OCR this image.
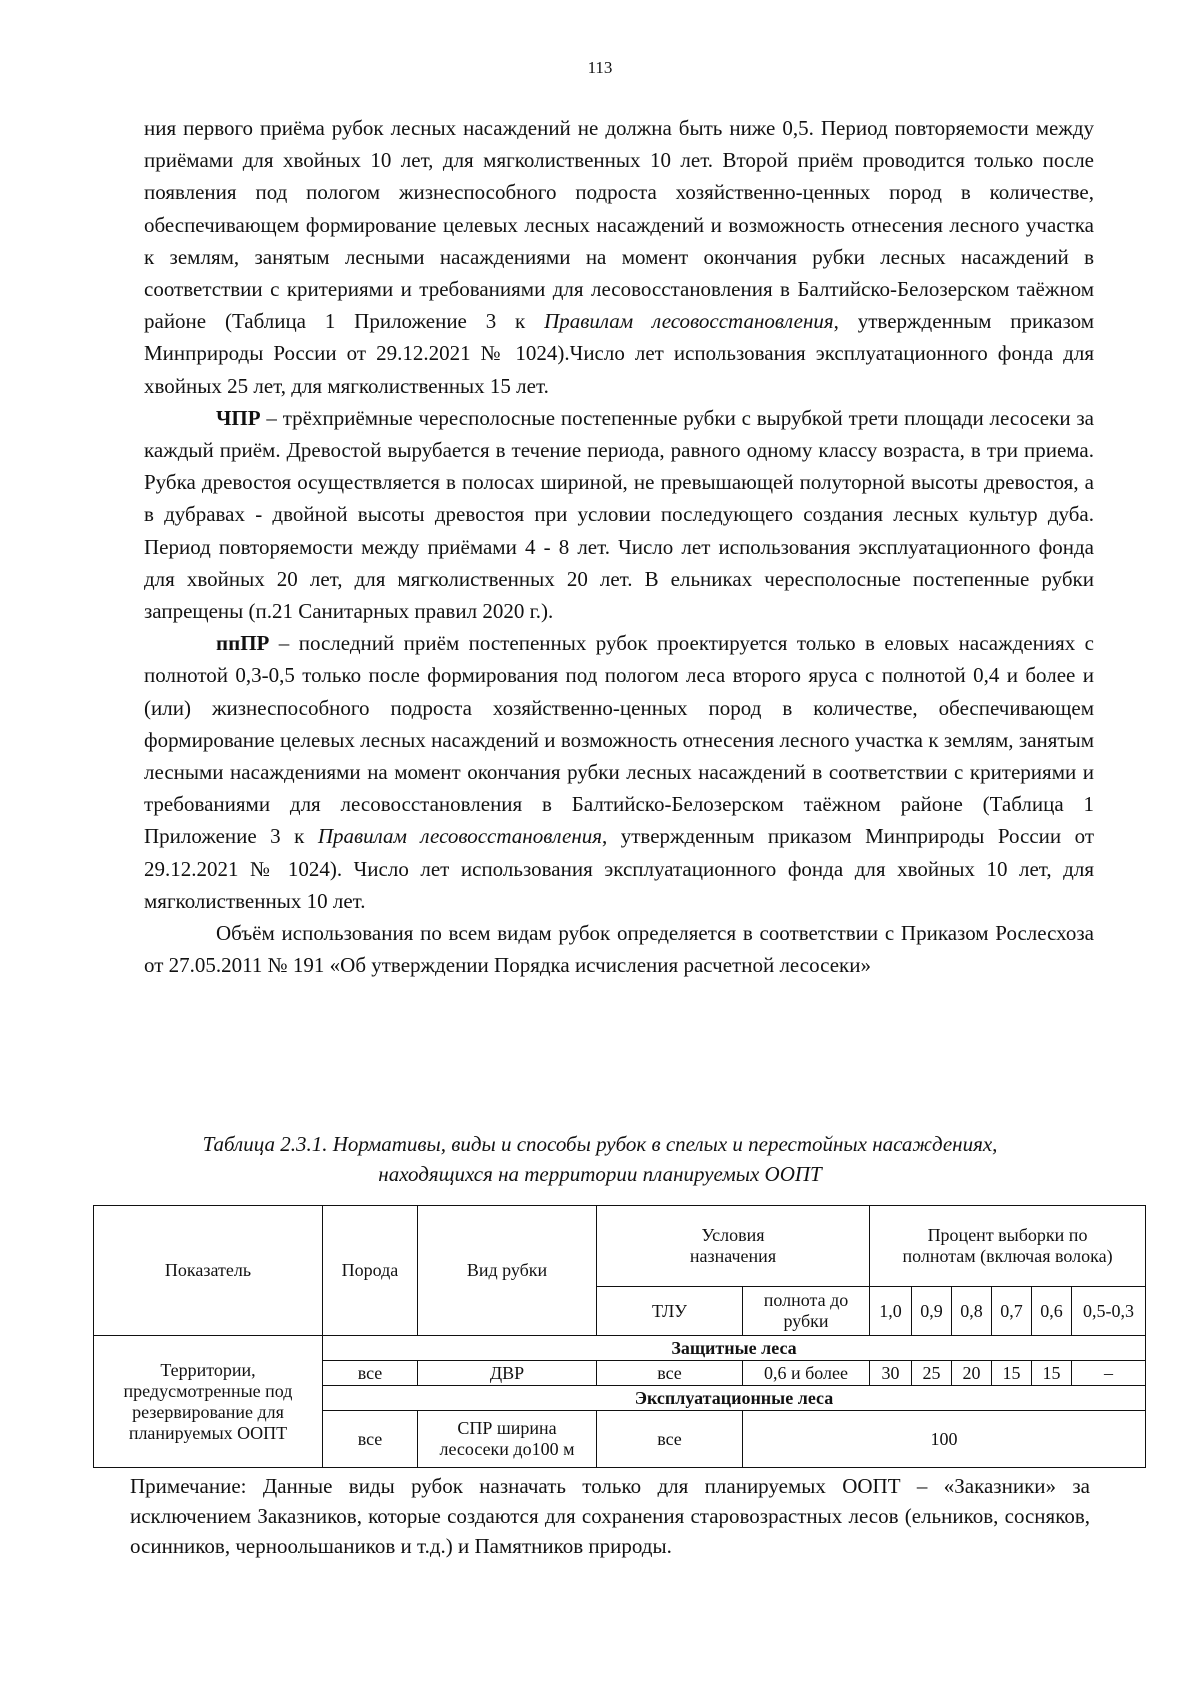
113

ния первого приёма рубок лесных насаждений не должна быть ниже 0,5. Период повторяемости между приёмами для хвойных 10 лет, для мягколиственных 10 лет. Второй приём проводится только после появления под пологом жизнеспособного подроста хозяйственно-ценных пород в количестве, обеспечивающем формирование целевых лесных насаждений и возможность отнесения лесного участка к землям, занятым лесными насаждениями на момент окончания рубки лесных насаждений в соответствии с критериями и требованиями для лесовосстановления в Балтийско-Белозерском таёжном районе (Таблица 1 Приложение 3 к Правилам лесовосстановления, утвержденным приказом Минприроды России от 29.12.2021 № 1024).Число лет использования эксплуатационного фонда для хвойных 25 лет, для мягколиственных 15 лет.

ЧПР – трёхприёмные чересполосные постепенные рубки с вырубкой трети площади лесосеки за каждый приём. Древостой вырубается в течение периода, равного одному классу возраста, в три приема. Рубка древостоя осуществляется в полосах шириной, не превышающей полуторной высоты древостоя, а в дубравах - двойной высоты древостоя при условии последующего создания лесных культур дуба. Период повторяемости между приёмами 4 - 8 лет. Число лет использования эксплуатационного фонда для хвойных 20 лет, для мягколиственных 20 лет. В ельниках чересполосные постепенные рубки запрещены (п.21 Санитарных правил 2020 г.).

ппПР – последний приём постепенных рубок проектируется только в еловых насаждениях с полнотой 0,3-0,5 только после формирования под пологом леса второго яруса с полнотой 0,4 и более и (или) жизнеспособного подроста хозяйственно-ценных пород в количестве, обеспечивающем формирование целевых лесных насаждений и возможность отнесения лесного участка к землям, занятым лесными насаждениями на момент окончания рубки лесных насаждений в соответствии с критериями и требованиями для лесовосстановления в Балтийско-Белозерском таёжном районе (Таблица 1 Приложение 3 к Правилам лесовосстановления, утвержденным приказом Минприроды России от 29.12.2021 № 1024). Число лет использования эксплуатационного фонда для хвойных 10 лет, для мягколиственных 10 лет.

Объём использования по всем видам рубок определяется в соответствии с Приказом Рослесхоза от 27.05.2011 № 191 «Об утверждении Порядка исчисления расчетной лесосеки»

Таблица 2.3.1. Нормативы, виды и способы рубок в спелых и перестойных насаждениях,
находящихся на территории планируемых ООПТ
Показатель	Порода	Вид рубки	Условия назначения		Процент выборки по полнотам (включая волока)					
			ТЛУ	полнота до рубки	1,0	0,9	0,8	0,7	0,6	0,5-0,3
Территории, предусмотренные под резервирование для планируемых ООПТ	Защитные леса									
	все	ДВР	все	0,6 и более	30	25	20	15	15	–
	Эксплуатационные леса									
	все	СПР ширина лесосеки до100 м	все	100						
Примечание: Данные виды рубок назначать только для планируемых ООПТ – «Заказники» за исключением Заказников, которые создаются для сохранения старовозрастных лесов (ельников, сосняков, осинников, черноольшаников и т.д.) и Памятников природы.
